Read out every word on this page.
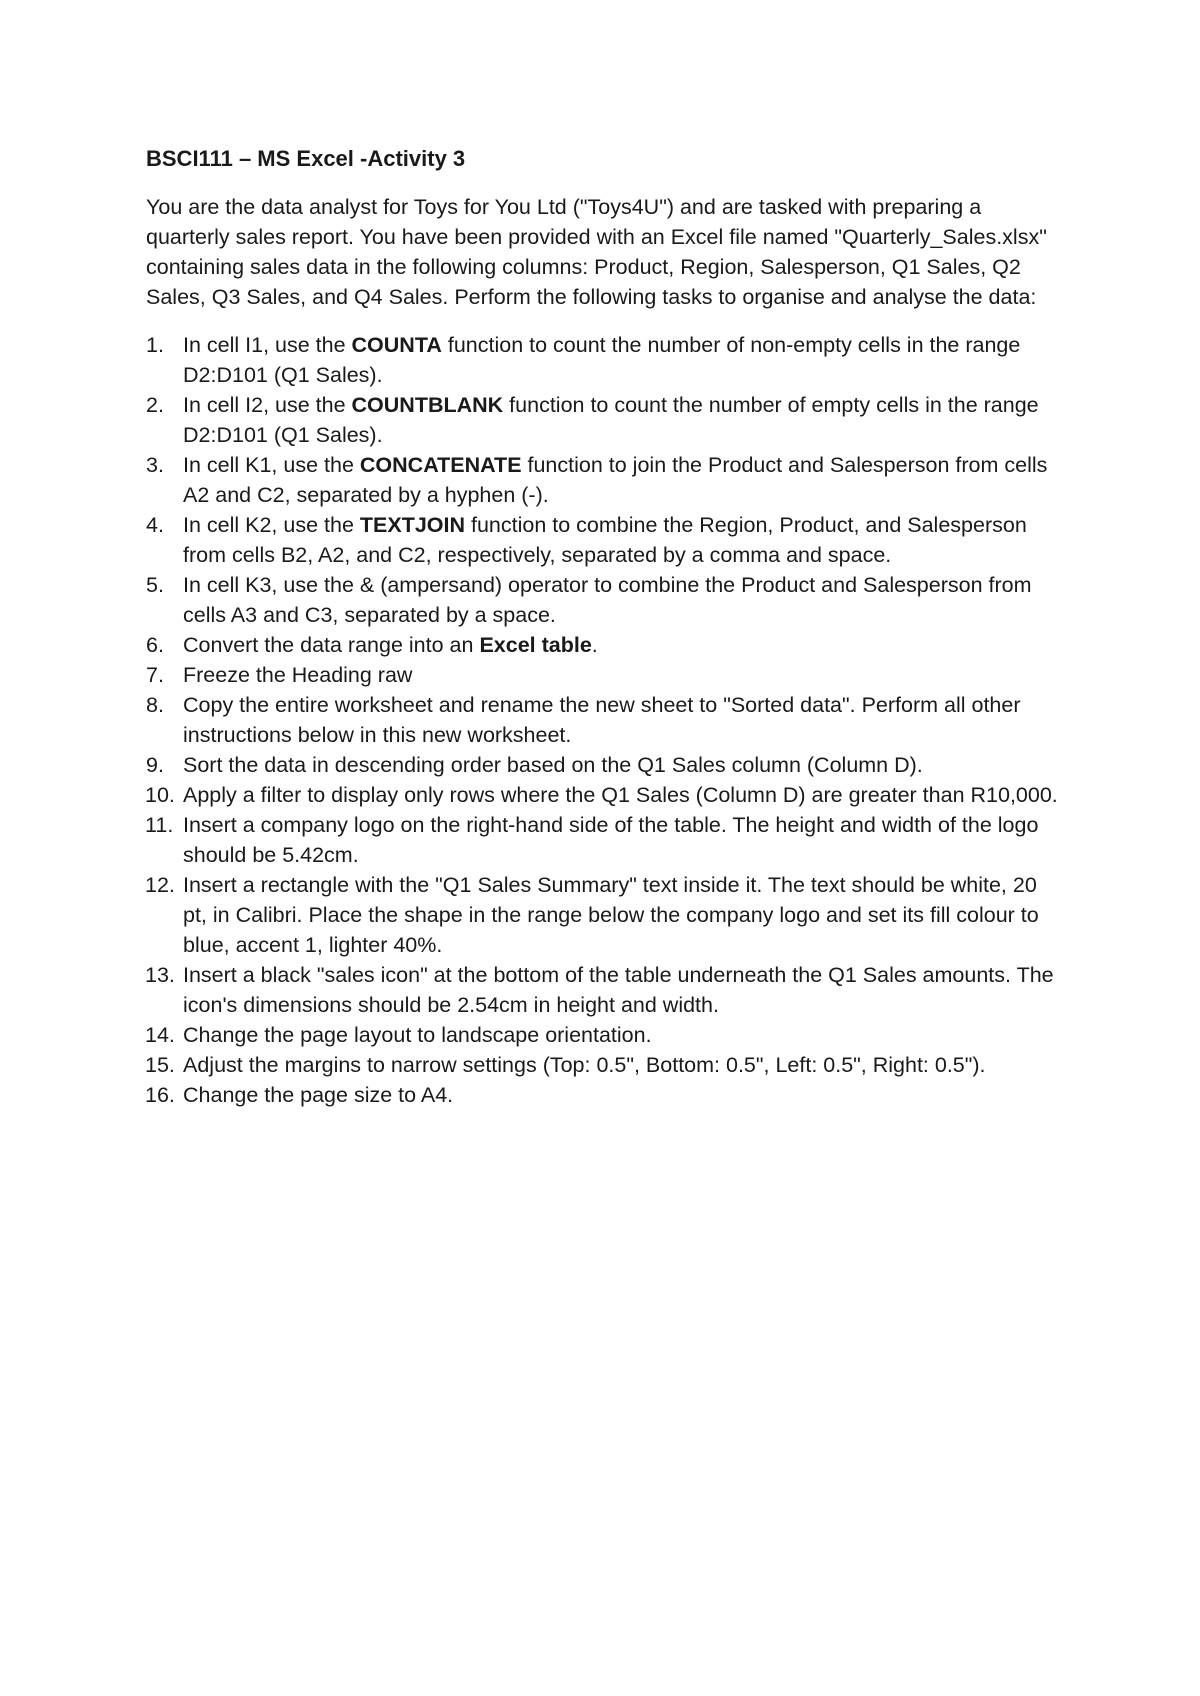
BSCI111 – MS Excel -Activity 3

You are the data analyst for Toys for You Ltd ("Toys4U") and are tasked with preparing a quarterly sales report. You have been provided with an Excel file named "Quarterly_Sales.xlsx" containing sales data in the following columns: Product, Region, Salesperson, Q1 Sales, Q2 Sales, Q3 Sales, and Q4 Sales. Perform the following tasks to organise and analyse the data:

1. In cell I1, use the COUNTA function to count the number of non-empty cells in the range D2:D101 (Q1 Sales).
2. In cell I2, use the COUNTBLANK function to count the number of empty cells in the range D2:D101 (Q1 Sales).
3. In cell K1, use the CONCATENATE function to join the Product and Salesperson from cells A2 and C2, separated by a hyphen (-).
4. In cell K2, use the TEXTJOIN function to combine the Region, Product, and Salesperson from cells B2, A2, and C2, respectively, separated by a comma and space.
5. In cell K3, use the & (ampersand) operator to combine the Product and Salesperson from cells A3 and C3, separated by a space.
6. Convert the data range into an Excel table.
7. Freeze the Heading raw
8. Copy the entire worksheet and rename the new sheet to "Sorted data". Perform all other instructions below in this new worksheet.
9. Sort the data in descending order based on the Q1 Sales column (Column D).
10. Apply a filter to display only rows where the Q1 Sales (Column D) are greater than R10,000.
11. Insert a company logo on the right-hand side of the table. The height and width of the logo should be 5.42cm.
12. Insert a rectangle with the "Q1 Sales Summary" text inside it. The text should be white, 20 pt, in Calibri. Place the shape in the range below the company logo and set its fill colour to blue, accent 1, lighter 40%.
13. Insert a black "sales icon" at the bottom of the table underneath the Q1 Sales amounts. The icon's dimensions should be 2.54cm in height and width.
14. Change the page layout to landscape orientation.
15. Adjust the margins to narrow settings (Top: 0.5", Bottom: 0.5", Left: 0.5", Right: 0.5").
16. Change the page size to A4.
